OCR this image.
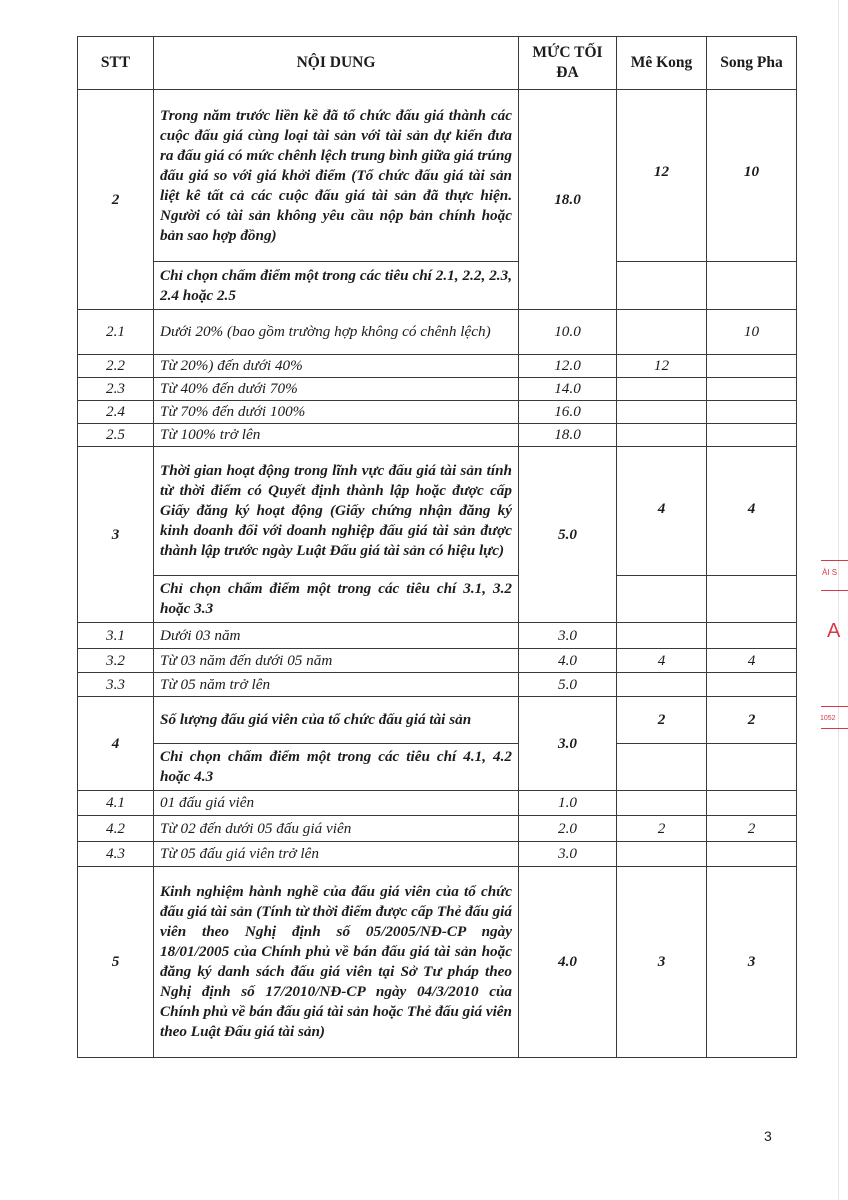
STT	NỘI DUNG	MỨC TỐI ĐA	Mê Kong	Song Pha
2	Trong năm trước liền kề đã tổ chức đấu giá thành các cuộc đấu giá cùng loại tài sản với tài sản dự kiến đưa ra đấu giá có mức chênh lệch trung bình giữa giá trúng đấu giá so với giá khởi điểm (Tổ chức đấu giá tài sản liệt kê tất cả các cuộc đấu giá tài sản đã thực hiện. Người có tài sản không yêu cầu nộp bản chính hoặc bản sao hợp đồng)	18.0	12	10
	Chỉ chọn chấm điểm một trong các tiêu chí 2.1, 2.2, 2.3, 2.4 hoặc 2.5			
2.1	Dưới 20% (bao gồm trường hợp không có chênh lệch)	10.0		10
2.2	Từ 20%) đến dưới 40%	12.0	12	
2.3	Từ 40% đến dưới 70%	14.0		
2.4	Từ 70% đến dưới 100%	16.0		
2.5	Từ 100% trở lên	18.0		
3	Thời gian hoạt động trong lĩnh vực đấu giá tài sản tính từ thời điểm có Quyết định thành lập hoặc được cấp Giấy đăng ký hoạt động (Giấy chứng nhận đăng ký kinh doanh đối với doanh nghiệp đấu giá tài sản được thành lập trước ngày Luật Đấu giá tài sản có hiệu lực)	5.0	4	4
	Chỉ chọn chấm điểm một trong các tiêu chí 3.1, 3.2 hoặc 3.3			
3.1	Dưới 03 năm	3.0		
3.2	Từ 03 năm đến dưới 05 năm	4.0	4	4
3.3	Từ 05 năm trở lên	5.0		
4	Số lượng đấu giá viên của tổ chức đấu giá tài sản	3.0	2	2
	Chỉ chọn chấm điểm một trong các tiêu chí 4.1, 4.2 hoặc 4.3			
4.1	01 đấu giá viên	1.0		
4.2	Từ 02 đến dưới 05 đấu giá viên	2.0	2	2
4.3	Từ 05 đấu giá viên trở lên	3.0		
5	Kinh nghiệm hành nghề của đấu giá viên của tổ chức đấu giá tài sản (Tính từ thời điểm được cấp Thẻ đấu giá viên theo Nghị định số 05/2005/NĐ-CP ngày 18/01/2005 của Chính phủ về bán đấu giá tài sản hoặc đăng ký danh sách đấu giá viên tại Sở Tư pháp theo Nghị định số 17/2010/NĐ-CP ngày 04/3/2010 của Chính phủ về bán đấu giá tài sản hoặc Thẻ đấu giá viên theo Luật Đấu giá tài sản)	4.0	3	3
3
ÀI S
A
1052
